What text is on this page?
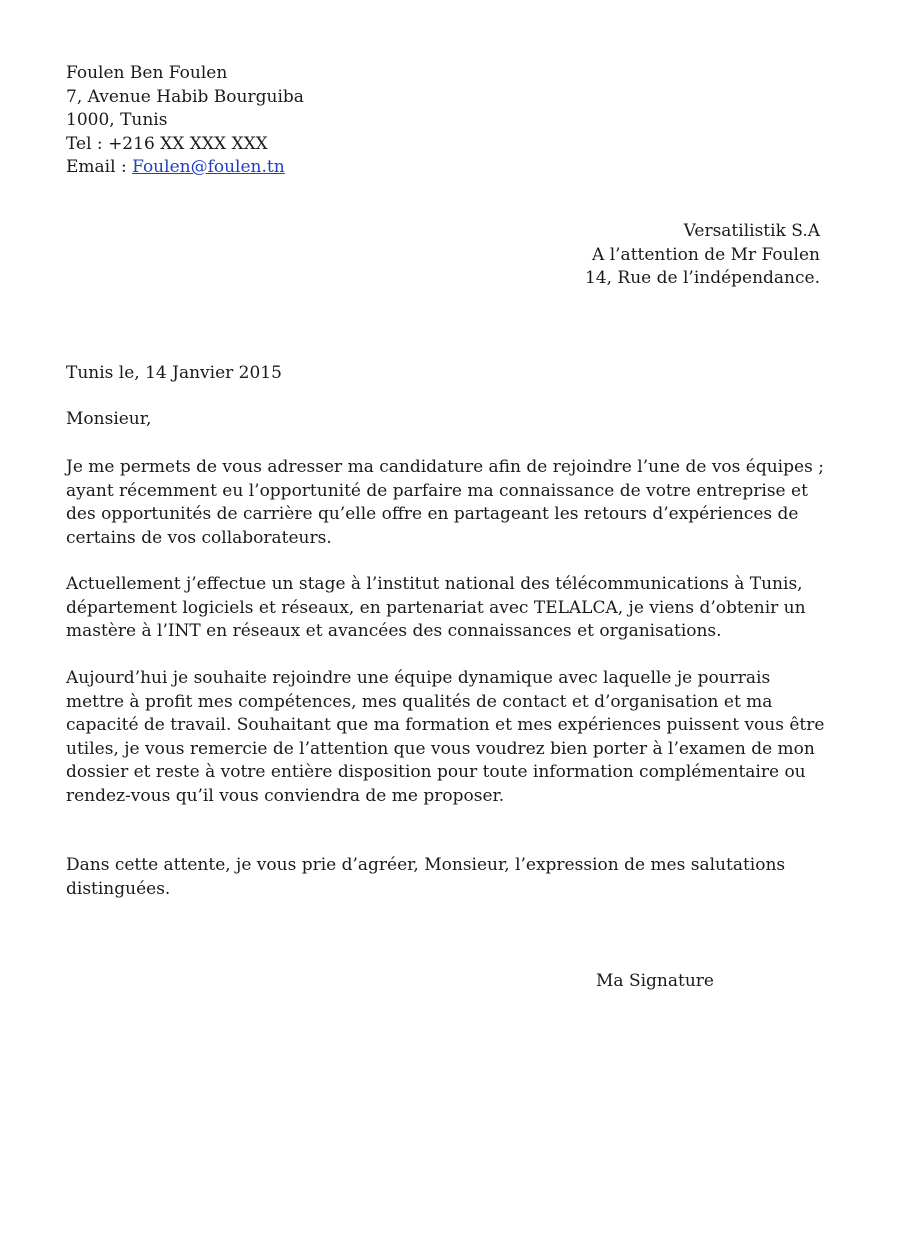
Foulen Ben Foulen
7, Avenue Habib Bourguiba
1000, Tunis
Tel : +216 XX XXX XXX
Email : Foulen@foulen.tn
Versatilistik S.A
A l’attention de Mr Foulen
14, Rue de l’indépendance.
Tunis le, 14 Janvier 2015
Monsieur,
Je me permets de vous adresser ma candidature afin de rejoindre l’une de vos équipes ;
ayant récemment eu l’opportunité de parfaire ma connaissance de votre entreprise et
des opportunités de carrière qu’elle offre en partageant les retours d’expériences de
certains de vos collaborateurs.
Actuellement j’effectue un stage à l’institut national des télécommunications à Tunis,
département logiciels et réseaux, en partenariat avec TELALCA, je viens d’obtenir un
mastère à l’INT en réseaux et avancées des connaissances et organisations.
Aujourd’hui je souhaite rejoindre une équipe dynamique avec laquelle je pourrais
mettre à profit mes compétences, mes qualités de contact et d’organisation et ma
capacité de travail. Souhaitant que ma formation et mes expériences puissent vous être
utiles, je vous remercie de l’attention que vous voudrez bien porter à l’examen de mon
dossier et reste à votre entière disposition pour toute information complémentaire ou
rendez-vous qu’il vous conviendra de me proposer.
Dans cette attente, je vous prie d’agréer, Monsieur, l’expression de mes salutations
distinguées.
Ma Signature
